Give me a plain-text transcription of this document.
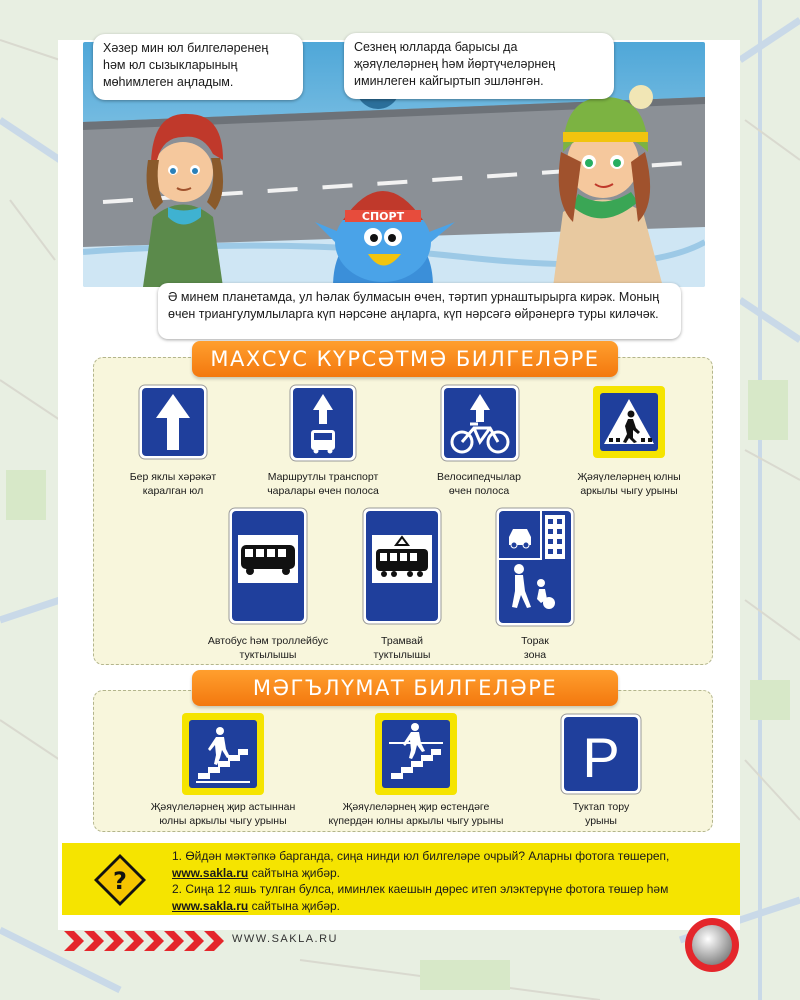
СПОРТ
Хәзер мин юл билгеләренең һәм юл сызыкларының мөһимлеген аңладым.
Сезнең юлларда барысы да җәяүлеләрнең һәм йөртүчеләрнең иминлеген кайгыртып эшләнгән.
Ә минем планетамда, ул һәлак булмасын өчен, тәртип урнаштырырга кирәк. Моның өчен триангулумлыларга күп нәрсәне аңларга, күп нәрсәгә өйрәнергә туры киләчәк.
МАХСУС КҮРСӘТМӘ БИЛГЕЛӘРЕ
Бер яклы хәрәкәт
каралган юл
Маршрутлы транспорт
чаралары өчен полоса
Велосипедчылар
өчен полоса
Җәяүлеләрнең юлны
аркылы чыгу урыны
Автобус һәм троллейбус
туктылышы
Трамвай
туктылышы
Торак
зона
МӘГЪЛҮМАТ БИЛГЕЛӘРЕ
Җәяүлеләрнең җир астыннан
юлны аркылы чыгу урыны
Җәяүлеләрнең җир өстендәге
күпердән юлны аркылы чыгу урыны
P
Туктап тору
урыны
?
1. Өйдән мәктәпкә барганда, сиңа нинди юл билгеләре очрый? Аларны фотога төшереп,
www.sakla.ru сайтына җибәр.
2. Сиңа 12 яшь тулган булса, иминлек каешын дөрес итеп элэктерүне фотога төшер һәм
www.sakla.ru сайтына җибәр.
WWW.SAKLA.RU
